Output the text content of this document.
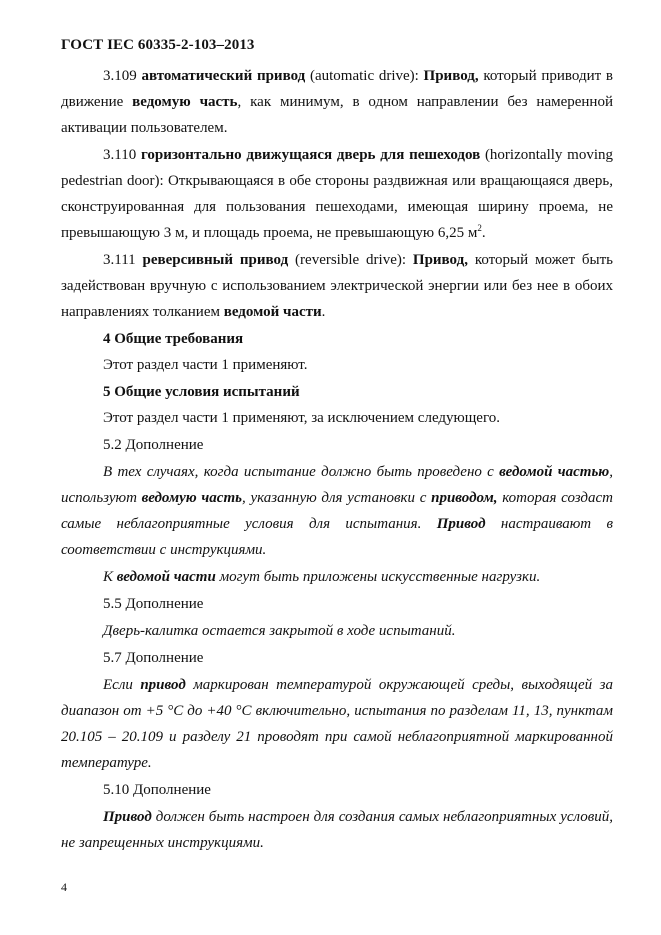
ГОСТ IEC 60335-2-103–2013

3.109 автоматический привод (automatic drive): Привод, который приводит в движение ведомую часть, как минимум, в одном направлении без намеренной активации пользователем.

3.110 горизонтально движущаяся дверь для пешеходов (horizontally moving pedestrian door): Открывающаяся в обе стороны раздвижная или вращающаяся дверь, сконструированная для пользования пешеходами, имеющая ширину проема, не превышающую 3 м, и площадь проема, не превышающую 6,25 $м^2$.

3.111 реверсивный привод (reversible drive): Привод, который может быть задействован вручную с использованием электрической энергии или без нее в обоих направлениях толканием ведомой части.

4 Общие требования

Этот раздел части 1 применяют.

5 Общие условия испытаний

Этот раздел части 1 применяют, за исключением следующего.

5.2 Дополнение

В тех случаях, когда испытание должно быть проведено с ведомой частью, используют ведомую часть, указанную для установки с приводом, которая создаст самые неблагоприятные условия для испытания. Привод настраивают в соответствии с инструкциями.

К ведомой части могут быть приложены искусственные нагрузки.

5.5 Дополнение

Дверь-калитка остается закрытой в ходе испытаний.

5.7 Дополнение

Если привод маркирован температурой окружающей среды, выходящей за диапазон от +5 °С до +40 °С включительно, испытания по разделам 11, 13, пунктам 20.105 – 20.109 и разделу 21 проводят при самой неблагоприятной маркированной температуре.

5.10 Дополнение

Привод должен быть настроен для создания самых неблагоприятных условий, не запрещенных инструкциями.

4
